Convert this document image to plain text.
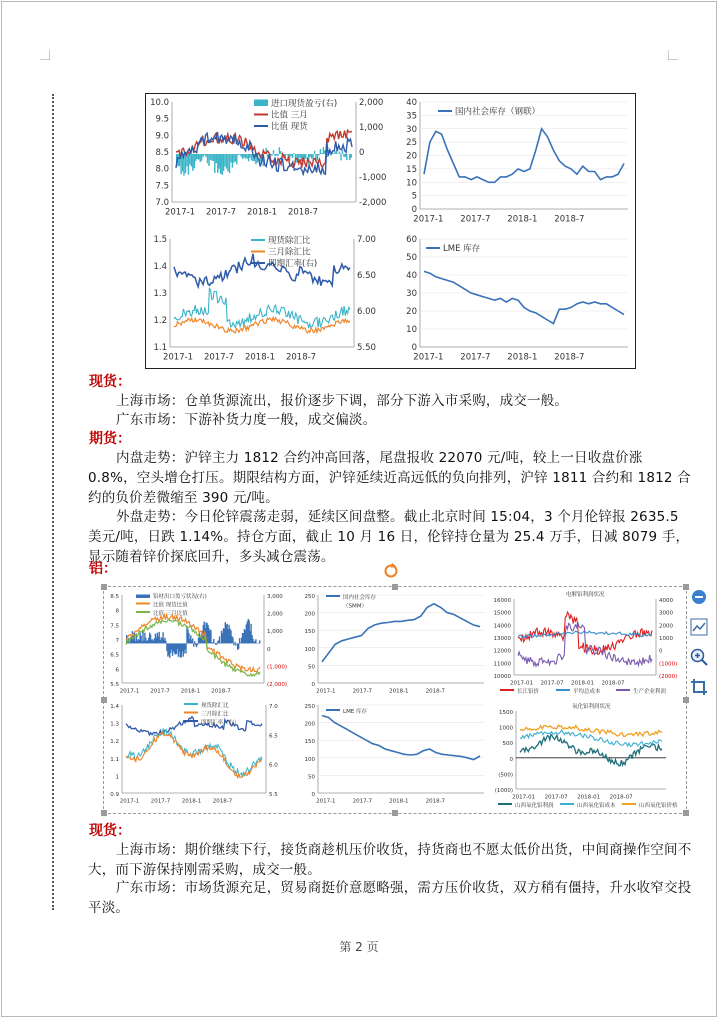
10.0
9.5
9.0
8.5
8.0
7.5
7.0
2,000
1,000
0
-1,000
-2,000
2017-1 2017-7 2018-1 2018-7
进口现货盈亏(右)
比值 三月
比值 现货
40
35
30
25
20
15
10
5
0
2017-1 2017-7 2018-1 2018-7
国内社会库存（钢联）
1.5
1.4
1.3
1.2
1.1
7.00
6.50
6.00
5.50
2017-1 2017-7 2018-1 2018-7
现货除汇比
三月除汇比
即期汇率(右)
60
50
40
30
20
10
0
2017-1 2017-7 2018-1 2018-7
LME 库存
现货：
上海市场：仓单货源流出，报价逐步下调，部分下游入市采购，成交一般。
广东市场：下游补货力度一般，成交偏淡。
期货：
内盘走势：沪锌主力 1812 合约冲高回落，尾盘报收 22070 元/吨，较上一日收盘价涨 0.8%，空头增仓打压。期限结构方面，沪锌延续近高远低的负向排列，沪锌 1811 合约和 1812 合约的负价差微缩至 390 元/吨。
外盘走势：今日伦锌震荡走弱，延续区间盘整。截止北京时间 15:04，3 个月伦锌报 2635.5 美元/吨，日跌 1.14%。持仓方面，截止 10 月 16 日，伦锌持仓量为 25.4 万手，日减 8079 手，显示随着锌价探底回升，多头减仓震荡。
铝：
8.5
8
7.5
7
6.5
6
5.5
3,000
2,000
1,000
0
(1,000)
(2,000)
2017-1 2017-7 2018-1 2018-7
铝材出口盈亏状况(右)
比值 现货比值
比值 三月比值
250
200
150
100
50
0
2017-1	2017-7	2018-1	2018-7
国内社会库存
（SMM）
16000
15000
14000
13000
12000
11000
10000
4000
3000
2000
1000
0
(1000)
(2000)
2017-01 2017-07 2018-01 2018-07
电解铝利润状况
长江铝价	平均总成本	生产企业利润
1.4
1.3
1.2
1.1
1
0.9
7.0
6.5
6.0
5.5
2017-1 2017-7 2018-1 2018-7
现货除汇比
三月除汇比
即期汇率（右）
250
200
150
100
50
0
2017-1	2017-7	2018-1	2018-7
LME 库存	1500
1000
500
0
(500)
(1000)
2017-01 2017-07 2018-01 2018-07
氧化铝利润状况
山西氧化铝利润	山西氧化铝成本	山西氧化铝价格
现货：
上海市场：期价继续下行，接货商趁机压价收货，持货商也不愿太低价出货，中间商操作空间不大，而下游保持刚需采购，成交一般。
广东市场：市场货源充足，贸易商挺价意愿略强，需方压价收货，双方稍有僵持，升水收窄交投平淡。
第 2 页
